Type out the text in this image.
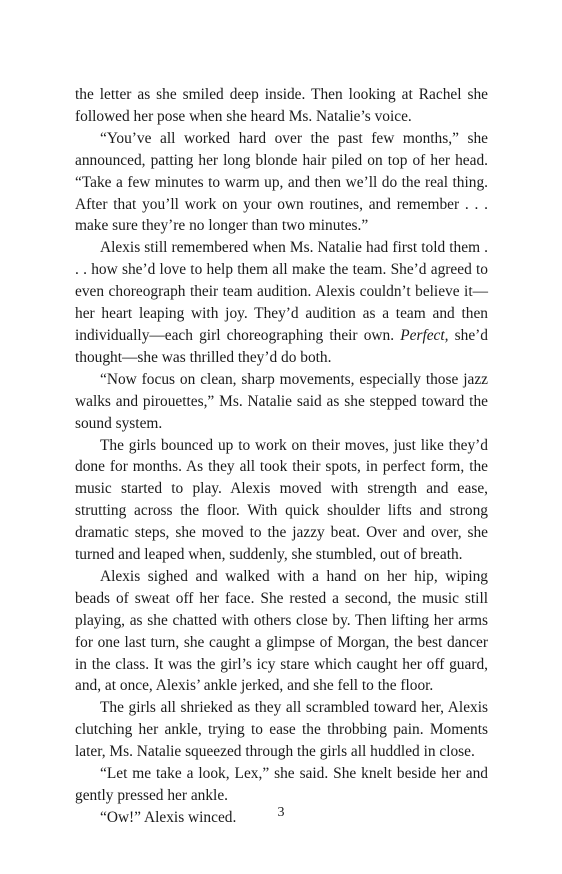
the letter as she smiled deep inside. Then looking at Rachel she followed her pose when she heard Ms. Natalie’s voice.

“You’ve all worked hard over the past few months,” she announced, patting her long blonde hair piled on top of her head. “Take a few minutes to warm up, and then we’ll do the real thing. After that you’ll work on your own routines, and remember . . . make sure they’re no longer than two minutes.”

Alexis still remembered when Ms. Natalie had first told them . . . how she’d love to help them all make the team. She’d agreed to even choreograph their team audition. Alexis couldn’t believe it—her heart leaping with joy. They’d audition as a team and then individually—each girl choreographing their own. Perfect, she’d thought—she was thrilled they’d do both.

“Now focus on clean, sharp movements, especially those jazz walks and pirouettes,” Ms. Natalie said as she stepped toward the sound system.

The girls bounced up to work on their moves, just like they’d done for months. As they all took their spots, in perfect form, the music started to play. Alexis moved with strength and ease, strutting across the floor. With quick shoulder lifts and strong dramatic steps, she moved to the jazzy beat. Over and over, she turned and leaped when, suddenly, she stumbled, out of breath.

Alexis sighed and walked with a hand on her hip, wiping beads of sweat off her face. She rested a second, the music still playing, as she chatted with others close by. Then lifting her arms for one last turn, she caught a glimpse of Morgan, the best dancer in the class. It was the girl’s icy stare which caught her off guard, and, at once, Alexis’ ankle jerked, and she fell to the floor.

The girls all shrieked as they all scrambled toward her, Alexis clutching her ankle, trying to ease the throbbing pain. Moments later, Ms. Natalie squeezed through the girls all huddled in close.

“Let me take a look, Lex,” she said. She knelt beside her and gently pressed her ankle.

“Ow!” Alexis winced.	3
